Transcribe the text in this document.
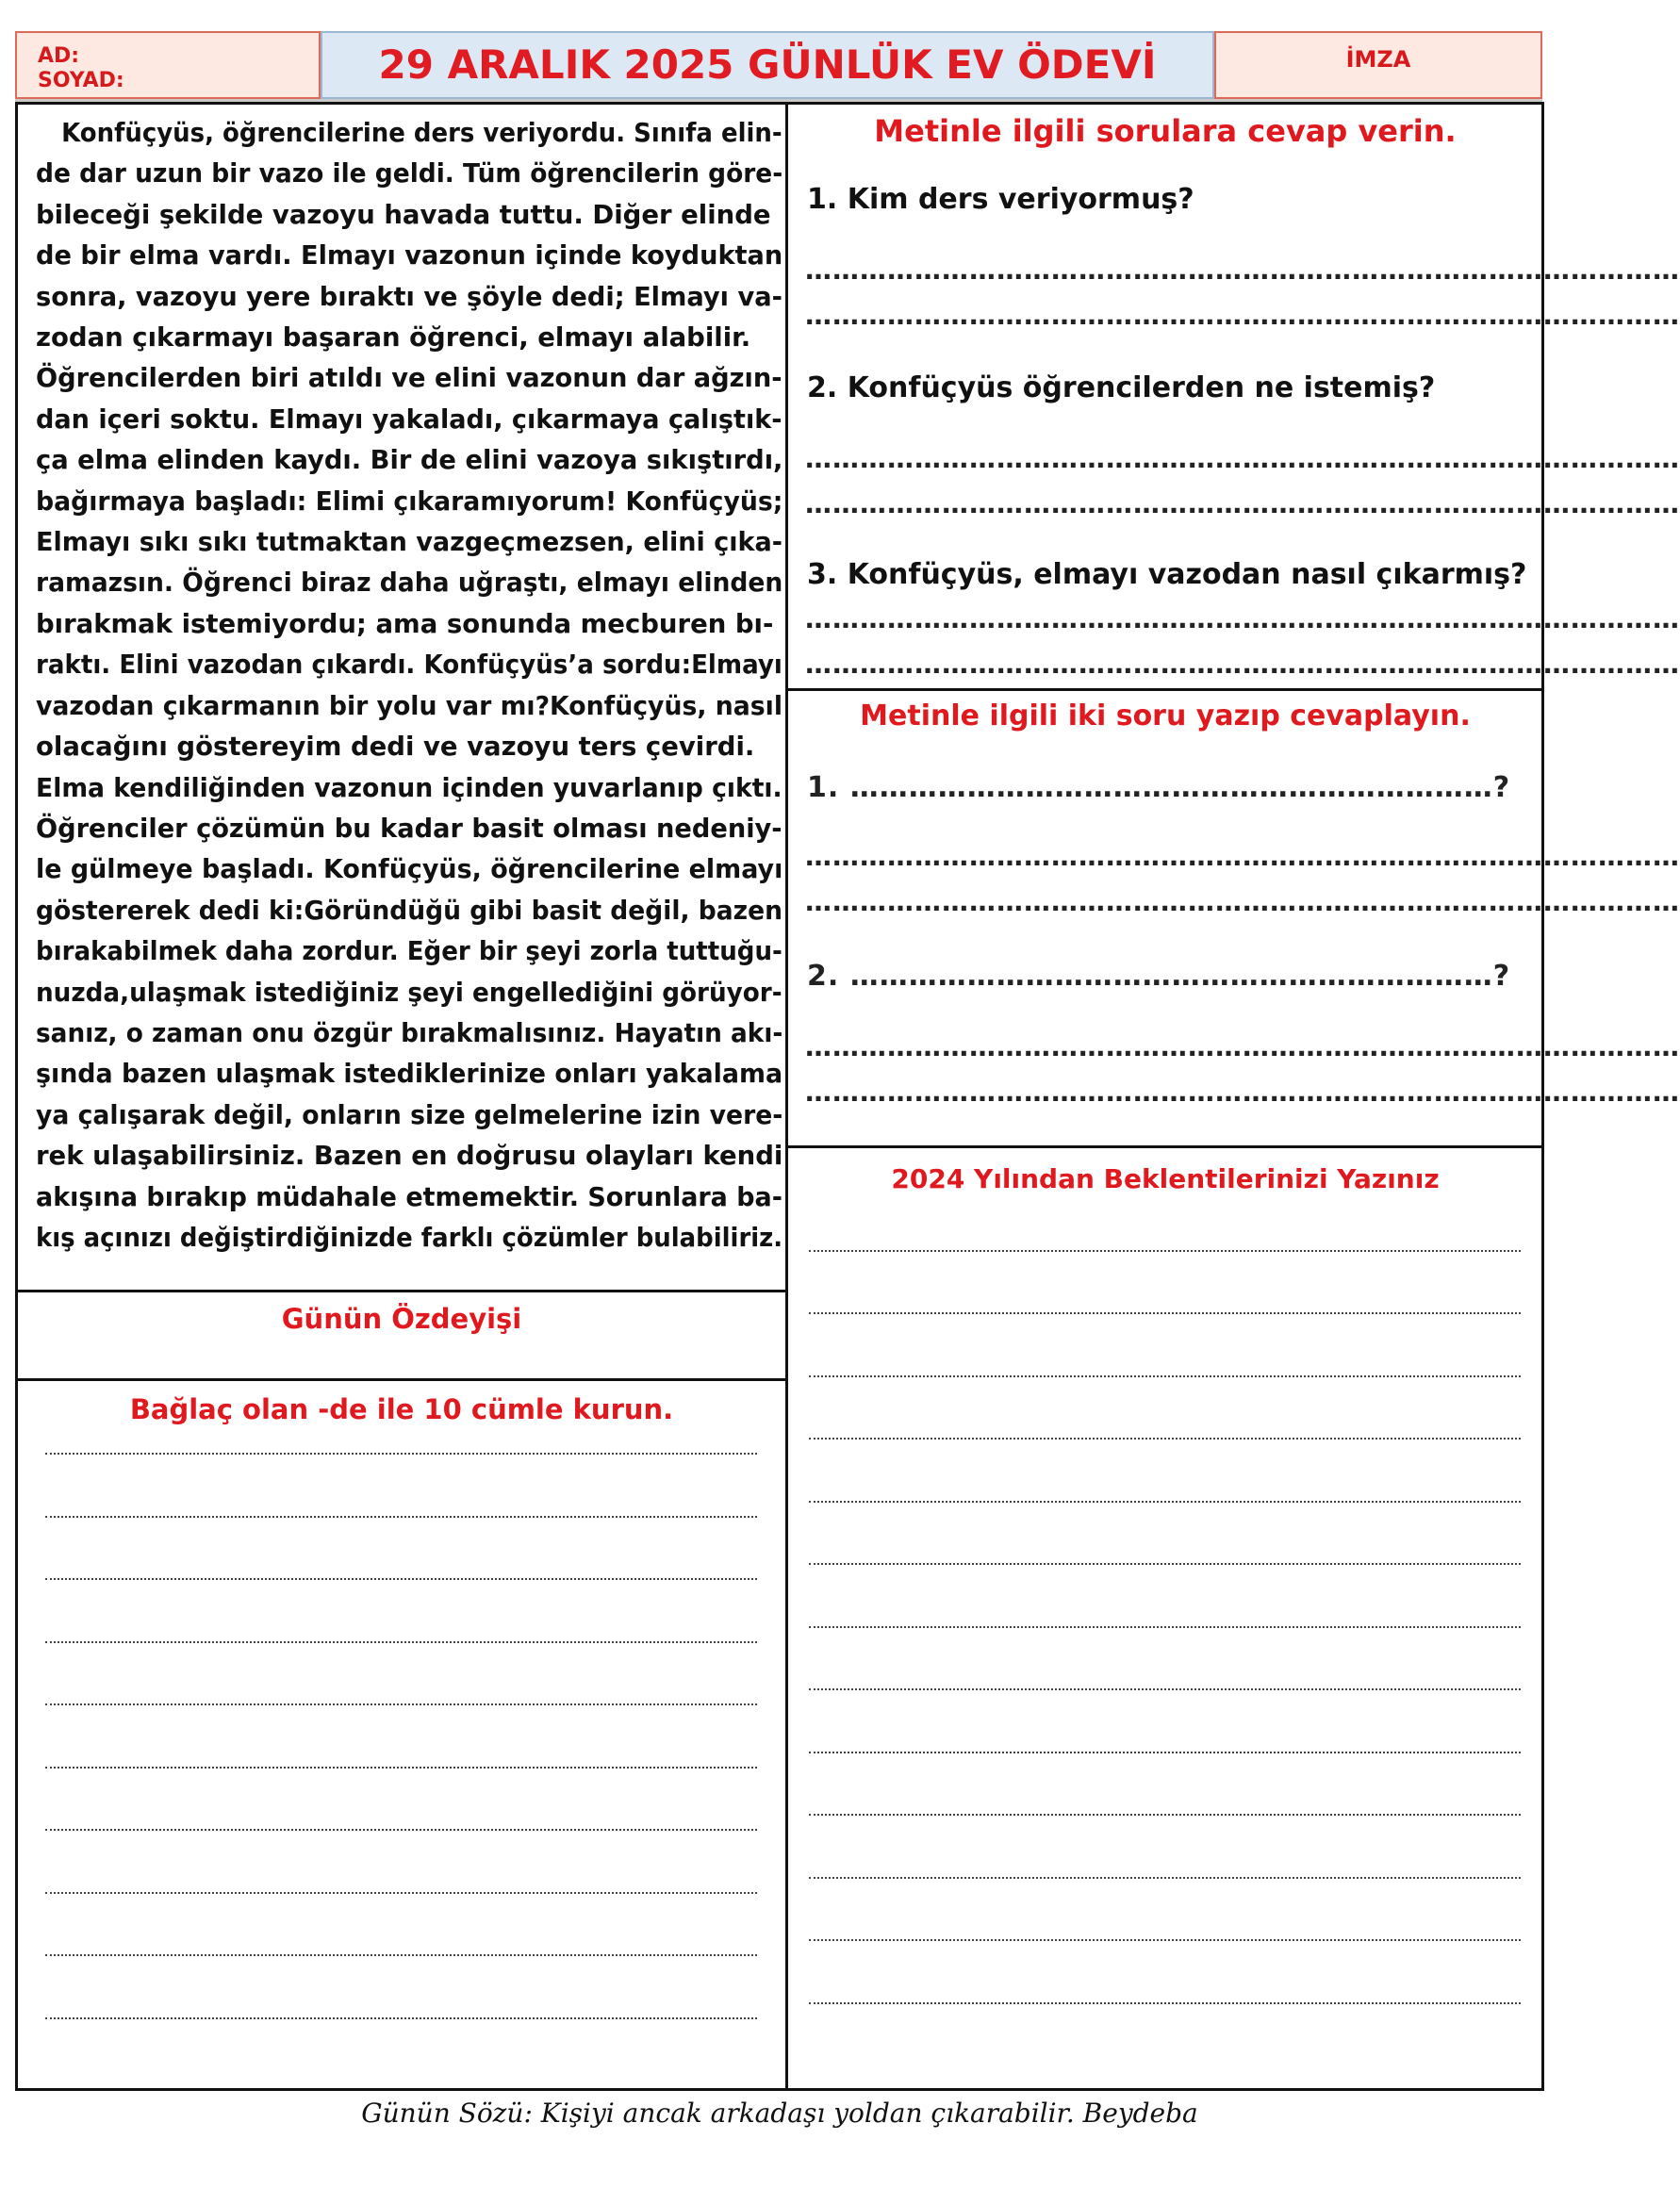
AD:
SOYAD:	29 ARALIK 2025 GÜNLÜK EV ÖDEVİ	İMZA
Konfüçyüs, öğrencilerine ders veriyordu. Sınıfa elin-
de dar uzun bir vazo ile geldi. Tüm öğrencilerin göre-
bileceği şekilde vazoyu havada tuttu. Diğer elinde
de bir elma vardı. Elmayı vazonun içinde koyduktan
sonra, vazoyu yere bıraktı ve şöyle dedi; Elmayı va-
zodan çıkarmayı başaran öğrenci, elmayı alabilir.
Öğrencilerden biri atıldı ve elini vazonun dar ağzın-
dan içeri soktu. Elmayı yakaladı, çıkarmaya çalıştık-
ça elma elinden kaydı. Bir de elini vazoya sıkıştırdı,
bağırmaya başladı: Elimi çıkaramıyorum! Konfüçyüs;
Elmayı sıkı sıkı tutmaktan vazgeçmezsen, elini çıka-
ramazsın. Öğrenci biraz daha uğraştı, elmayı elinden
bırakmak istemiyordu; ama sonunda mecburen bı-
raktı. Elini vazodan çıkardı. Konfüçyüs’a sordu:Elmayı
vazodan çıkarmanın bir yolu var mı?Konfüçyüs, nasıl
olacağını göstereyim dedi ve vazoyu ters çevirdi.
Elma kendiliğinden vazonun içinden yuvarlanıp çıktı.
Öğrenciler çözümün bu kadar basit olması nedeniy-
le gülmeye başladı. Konfüçyüs, öğrencilerine elmayı
göstererek dedi ki:Göründüğü gibi basit değil, bazen
bırakabilmek daha zordur. Eğer bir şeyi zorla tuttuğu-
nuzda,ulaşmak istediğiniz şeyi engellediğini görüyor-
sanız, o zaman onu özgür bırakmalısınız. Hayatın akı-
şında bazen ulaşmak istediklerinize onları yakalama
ya çalışarak değil, onların size gelmelerine izin vere-
rek ulaşabilirsiniz. Bazen en doğrusu olayları kendi
akışına bırakıp müdahale etmemektir. Sorunlara ba-
kış açınızı değiştirdiğinizde farklı çözümler bulabiliriz.
Günün Özdeyişi
Bağlaç olan -de ile 10 cümle kurun.
Metinle ilgili sorulara cevap verin.
1. Kim ders veriyormuş?
……………………………………………………………………………………
……………………………………………………………………………………
2. Konfüçyüs öğrencilerden ne istemiş?
……………………………………………………………………………………
……………………………………………………………………………………
3. Konfüçyüs, elmayı vazodan nasıl çıkarmış?
……………………………………………………………………………………
……………………………………………………………………………………
Metinle ilgili iki soru yazıp cevaplayın.
1. …………………………………………………………?
……………………………………………………………………………………
……………………………………………………………………………………
2. …………………………………………………………?
……………………………………………………………………………………
……………………………………………………………………………………
2024 Yılından Beklentilerinizi Yazınız
Günün Sözü: Kişiyi ancak arkadaşı yoldan çıkarabilir. Beydeba
